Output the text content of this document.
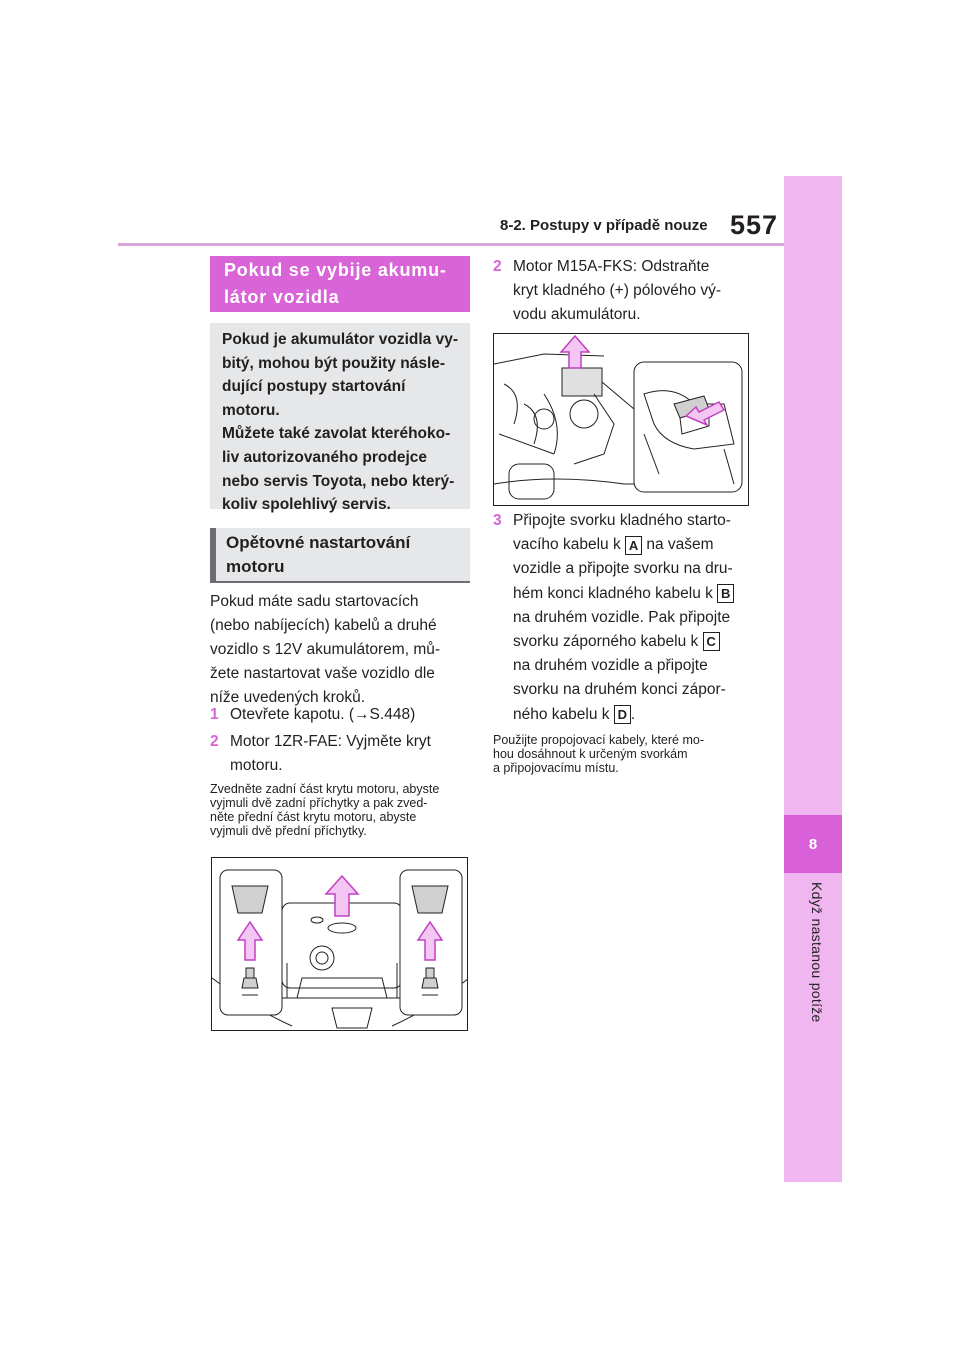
8-2. Postupy v případě nouze 557
8
Když nastanou potíže
Pokud se vybije akumu-látor vozidla
Pokud je akumulátor vozidla vy-
bitý, mohou být použity násle-
dující postupy startování
motoru.
Můžete také zavolat kteréhoko-
liv autorizovaného prodejce
nebo servis Toyota, nebo který-
koliv spolehlivý servis.
Opětovné nastartování motoru
Pokud máte sadu startovacích
(nebo nabíjecích) kabelů a druhé
vozidlo s 12V akumulátorem, mů-
žete nastartovat vaše vozidlo dle
níže uvedených kroků.
1 Otevřete kapotu. (→S.448)
2 Motor 1ZR-FAE: Vyjměte kryt
motoru.
Zvedněte zadní část krytu motoru, abyste
vyjmuli dvě zadní příchytky a pak zved-
něte přední část krytu motoru, abyste
vyjmuli dvě přední příchytky.
2 Motor M15A-FKS: Odstraňte
kryt kladného (+) pólového vý-
vodu akumulátoru.
3 Připojte svorku kladného starto-
vacího kabelu k A na vašem
vozidle a připojte svorku na dru-
hém konci kladného kabelu k B
na druhém vozidle. Pak připojte
svorku záporného kabelu k C
na druhém vozidle a připojte
svorku na druhém konci zápor-
ného kabelu k D .
Použijte propojovací kabely, které mo-
hou dosáhnout k určeným svorkám
a připojovacímu místu.
